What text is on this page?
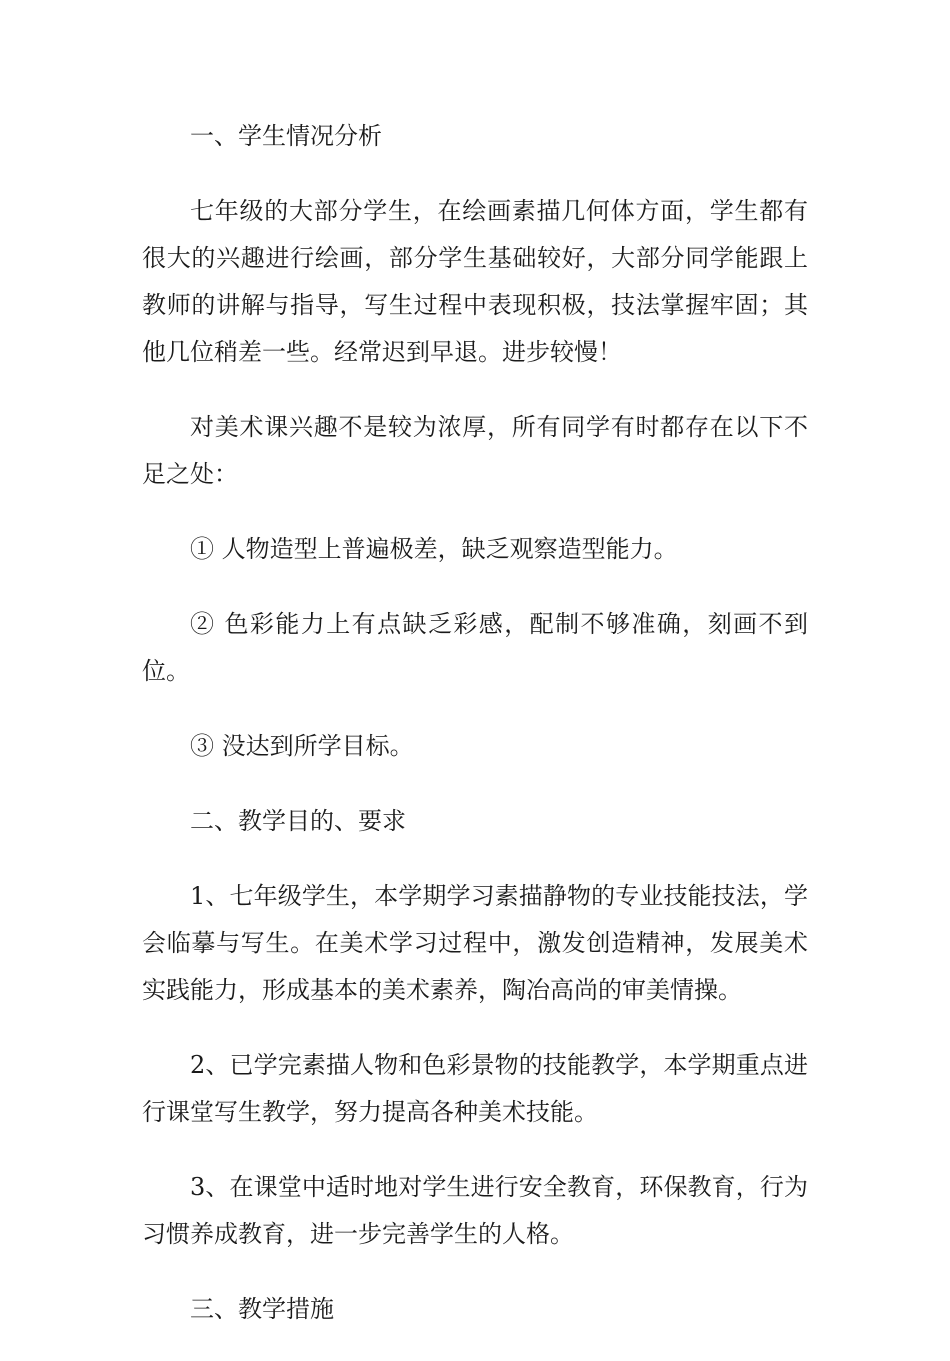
一、学生情况分析

七年级的大部分学生，在绘画素描几何体方面，学生都有很大的兴趣进行绘画，部分学生基础较好，大部分同学能跟上教师的讲解与指导，写生过程中表现积极，技法掌握牢固；其他几位稍差一些。经常迟到早退。进步较慢！

对美术课兴趣不是较为浓厚，所有同学有时都存在以下不足之处：

① 人物造型上普遍极差，缺乏观察造型能力。

② 色彩能力上有点缺乏彩感，配制不够准确，刻画不到位。

③ 没达到所学目标。

二、教学目的、要求

1、七年级学生，本学期学习素描静物的专业技能技法，学会临摹与写生。在美术学习过程中，激发创造精神，发展美术实践能力，形成基本的美术素养，陶冶高尚的审美情操。

2、已学完素描人物和色彩景物的技能教学，本学期重点进行课堂写生教学，努力提高各种美术技能。

3、在课堂中适时地对学生进行安全教育，环保教育，行为习惯养成教育，进一步完善学生的人格。

三、教学措施
